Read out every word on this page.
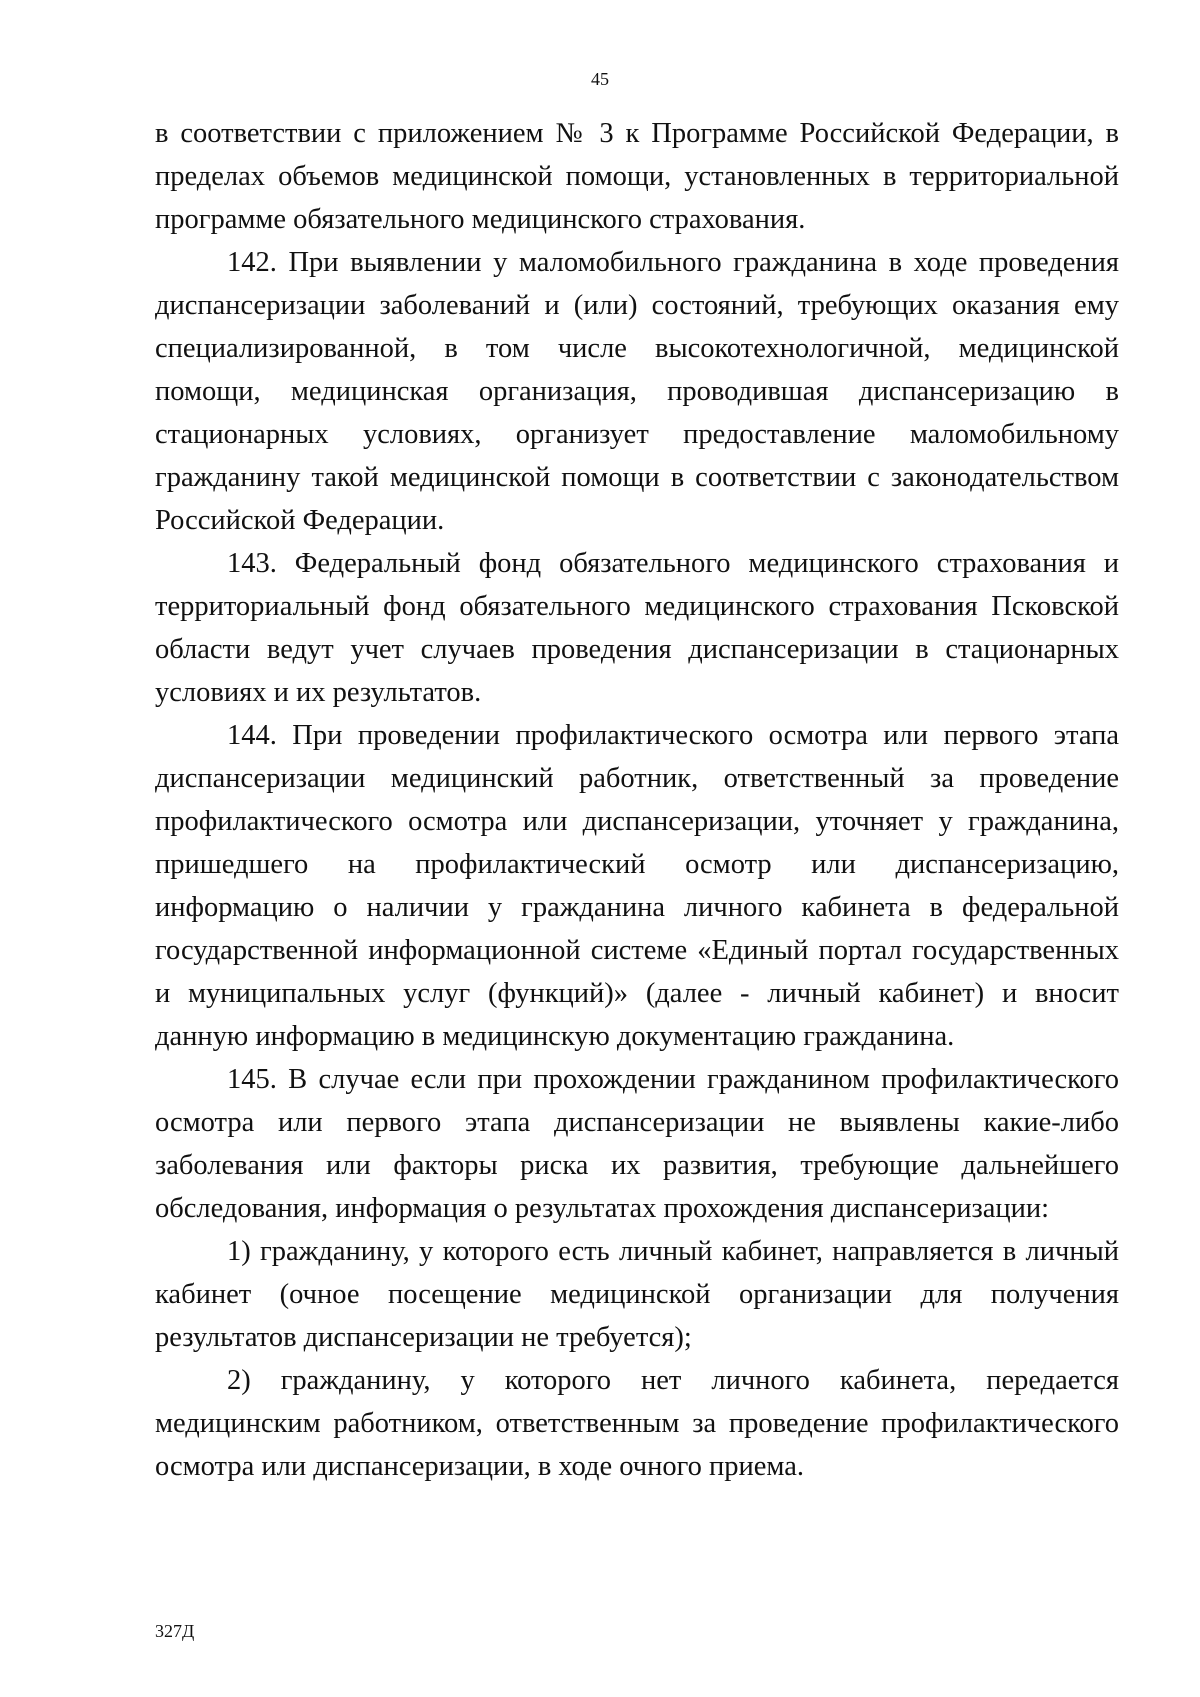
45

в соответствии с приложением № 3 к Программе Российской Федерации, в пределах объемов медицинской помощи, установленных в территориальной программе обязательного медицинского страхования.

142. При выявлении у маломобильного гражданина в ходе проведения диспансеризации заболеваний и (или) состояний, требующих оказания ему специализированной, в том числе высокотехнологичной, медицинской помощи, медицинская организация, проводившая диспансеризацию в стационарных условиях, организует предоставление маломобильному гражданину такой медицинской помощи в соответствии с законодательством Российской Федерации.

143. Федеральный фонд обязательного медицинского страхования и территориальный фонд обязательного медицинского страхования Псковской области ведут учет случаев проведения диспансеризации в стационарных условиях и их результатов.

144. При проведении профилактического осмотра или первого этапа диспансеризации медицинский работник, ответственный за проведение профилактического осмотра или диспансеризации, уточняет у гражданина, пришедшего на профилактический осмотр или диспансеризацию, информацию о наличии у гражданина личного кабинета в федеральной государственной информационной системе «Единый портал государственных и муниципальных услуг (функций)» (далее - личный кабинет) и вносит данную информацию в медицинскую документацию гражданина.

145. В случае если при прохождении гражданином профилактического осмотра или первого этапа диспансеризации не выявлены какие-либо заболевания или факторы риска их развития, требующие дальнейшего обследования, информация о результатах прохождения диспансеризации:

1) гражданину, у которого есть личный кабинет, направляется в личный кабинет (очное посещение медицинской организации для получения результатов диспансеризации не требуется);

2) гражданину, у которого нет личного кабинета, передается медицинским работником, ответственным за проведение профилактического осмотра или диспансеризации, в ходе очного приема.

327Д
